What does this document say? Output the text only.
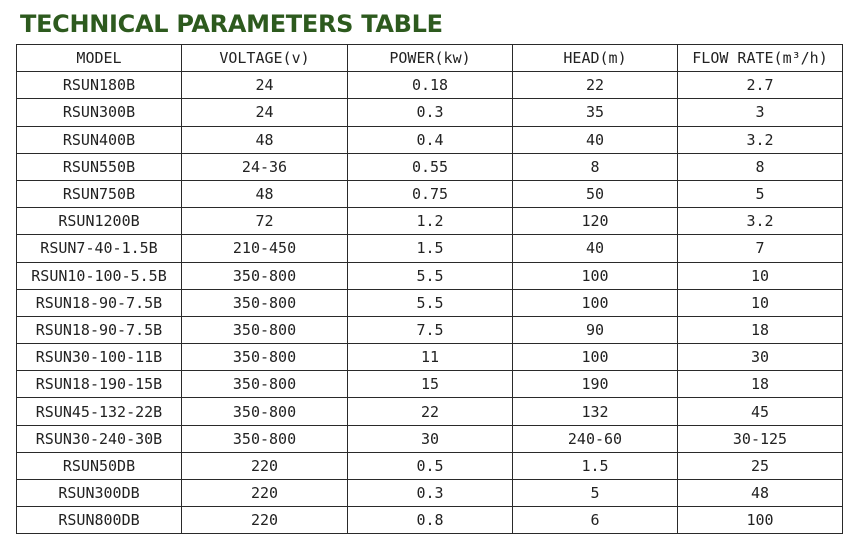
TECHNICAL PARAMETERS TABLE
MODEL	VOLTAGE(v)	POWER(kw)	HEAD(m)	FLOW RATE(m³/h)
RSUN180B	24	0.18	22	2.7
RSUN300B	24	0.3	35	3
RSUN400B	48	0.4	40	3.2
RSUN550B	24-36	0.55	8	8
RSUN750B	48	0.75	50	5
RSUN1200B	72	1.2	120	3.2
RSUN7-40-1.5B	210-450	1.5	40	7
RSUN10-100-5.5B	350-800	5.5	100	10
RSUN18-90-7.5B	350-800	5.5	100	10
RSUN18-90-7.5B	350-800	7.5	90	18
RSUN30-100-11B	350-800	11	100	30
RSUN18-190-15B	350-800	15	190	18
RSUN45-132-22B	350-800	22	132	45
RSUN30-240-30B	350-800	30	240-60	30-125
RSUN50DB	220	0.5	1.5	25
RSUN300DB	220	0.3	5	48
RSUN800DB	220	0.8	6	100
